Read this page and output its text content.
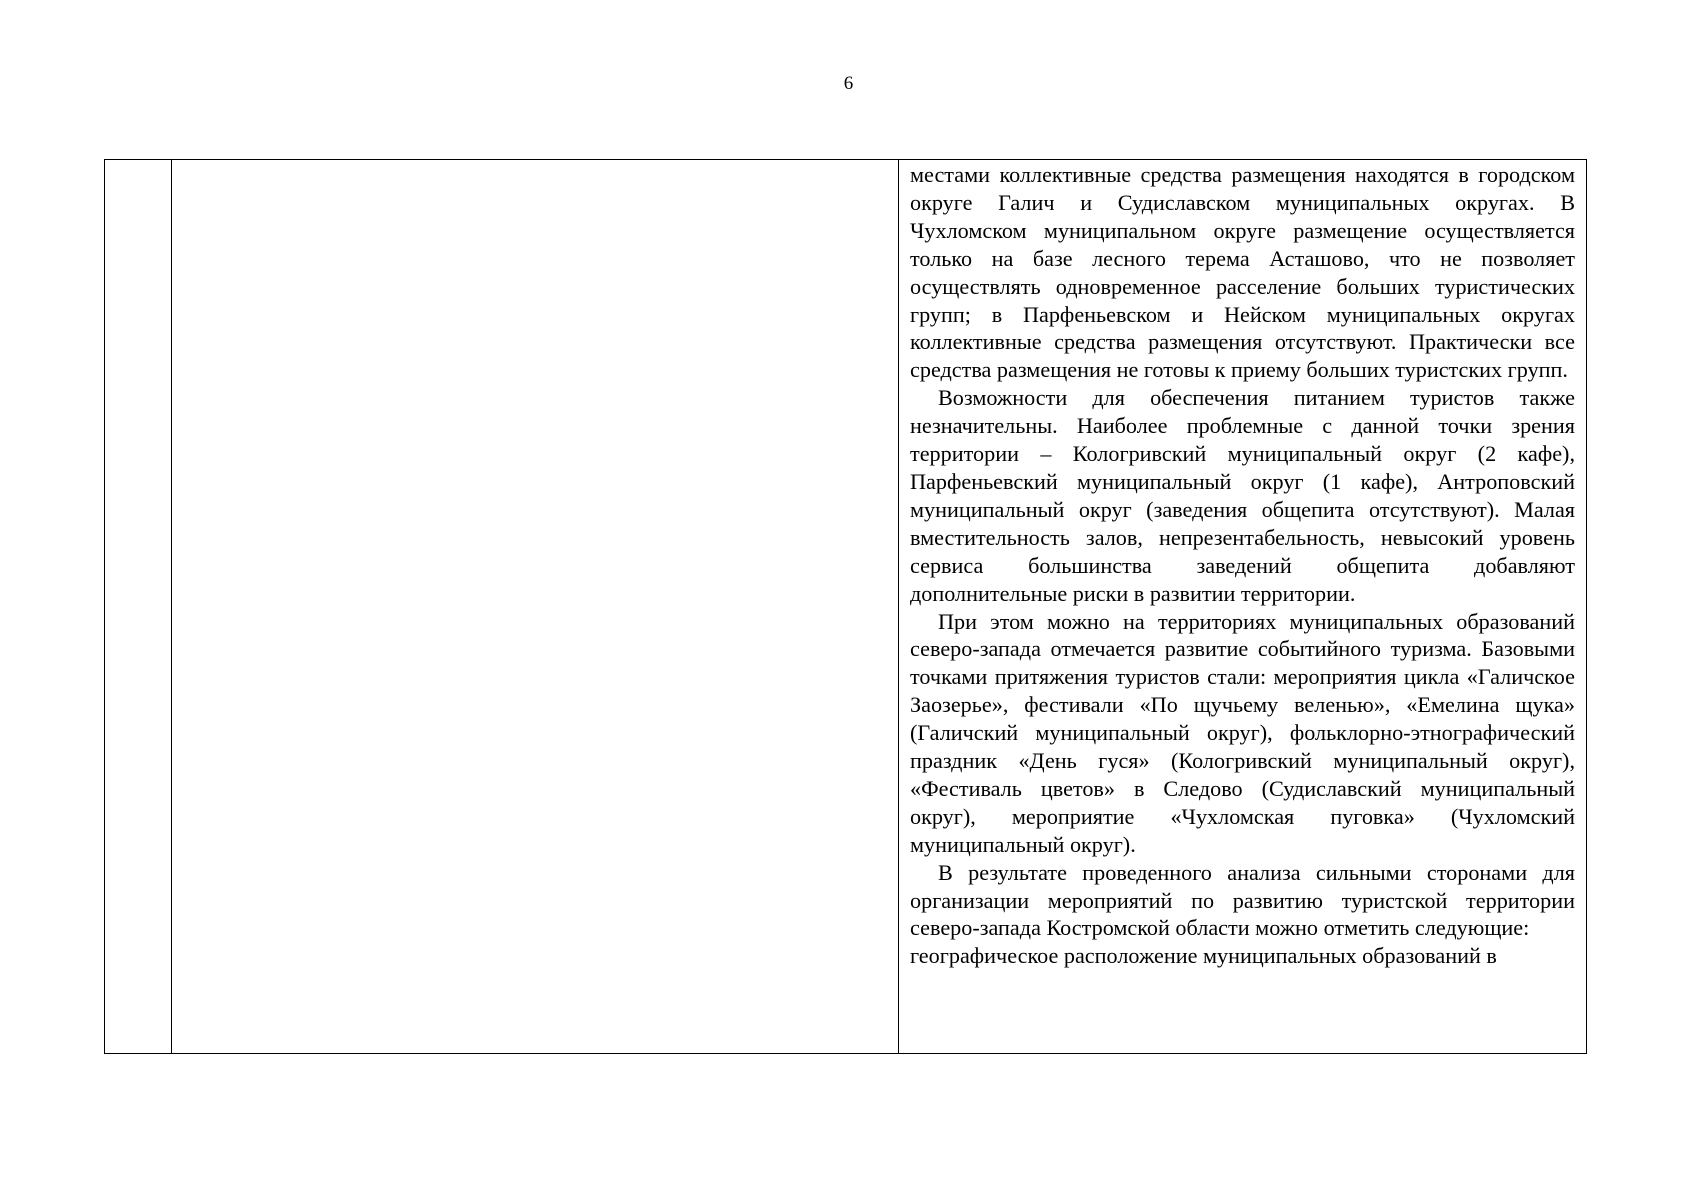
6

местами коллективные средства размещения находятся в городском округе Галич и Судиславском муниципальных округах. В Чухломском муниципальном округе размещение осуществляется только на базе лесного терема Асташово, что не позволяет осуществлять одновременное расселение больших туристических групп; в Парфеньевском и Нейском муниципальных округах коллективные средства размещения отсутствуют. Практически все средства размещения не готовы к приему больших туристских групп.

Возможности для обеспечения питанием туристов также незначительны. Наиболее проблемные с данной точки зрения территории – Кологривский муниципальный округ (2 кафе), Парфеньевский муниципальный округ (1 кафе), Антроповский муниципальный округ (заведения общепита отсутствуют). Малая вместительность залов, непрезентабельность, невысокий уровень сервиса большинства заведений общепита добавляют дополнительные риски в развитии территории.

При этом можно на территориях муниципальных образований северо-запада отмечается развитие событийного туризма. Базовыми точками притяжения туристов стали: мероприятия цикла «Галичское Заозерье», фестивали «По щучьему веленью», «Емелина щука» (Галичский муниципальный округ), фольклорно-этнографический праздник «День гуся» (Кологривский муниципальный округ), «Фестиваль цветов» в Следово (Судиславский муниципальный округ), мероприятие «Чухломская пуговка» (Чухломский муниципальный округ).

В результате проведенного анализа сильными сторонами для организации мероприятий по развитию туристской территории северо-запада Костромской области можно отметить следующие:

географическое расположение муниципальных образований в
